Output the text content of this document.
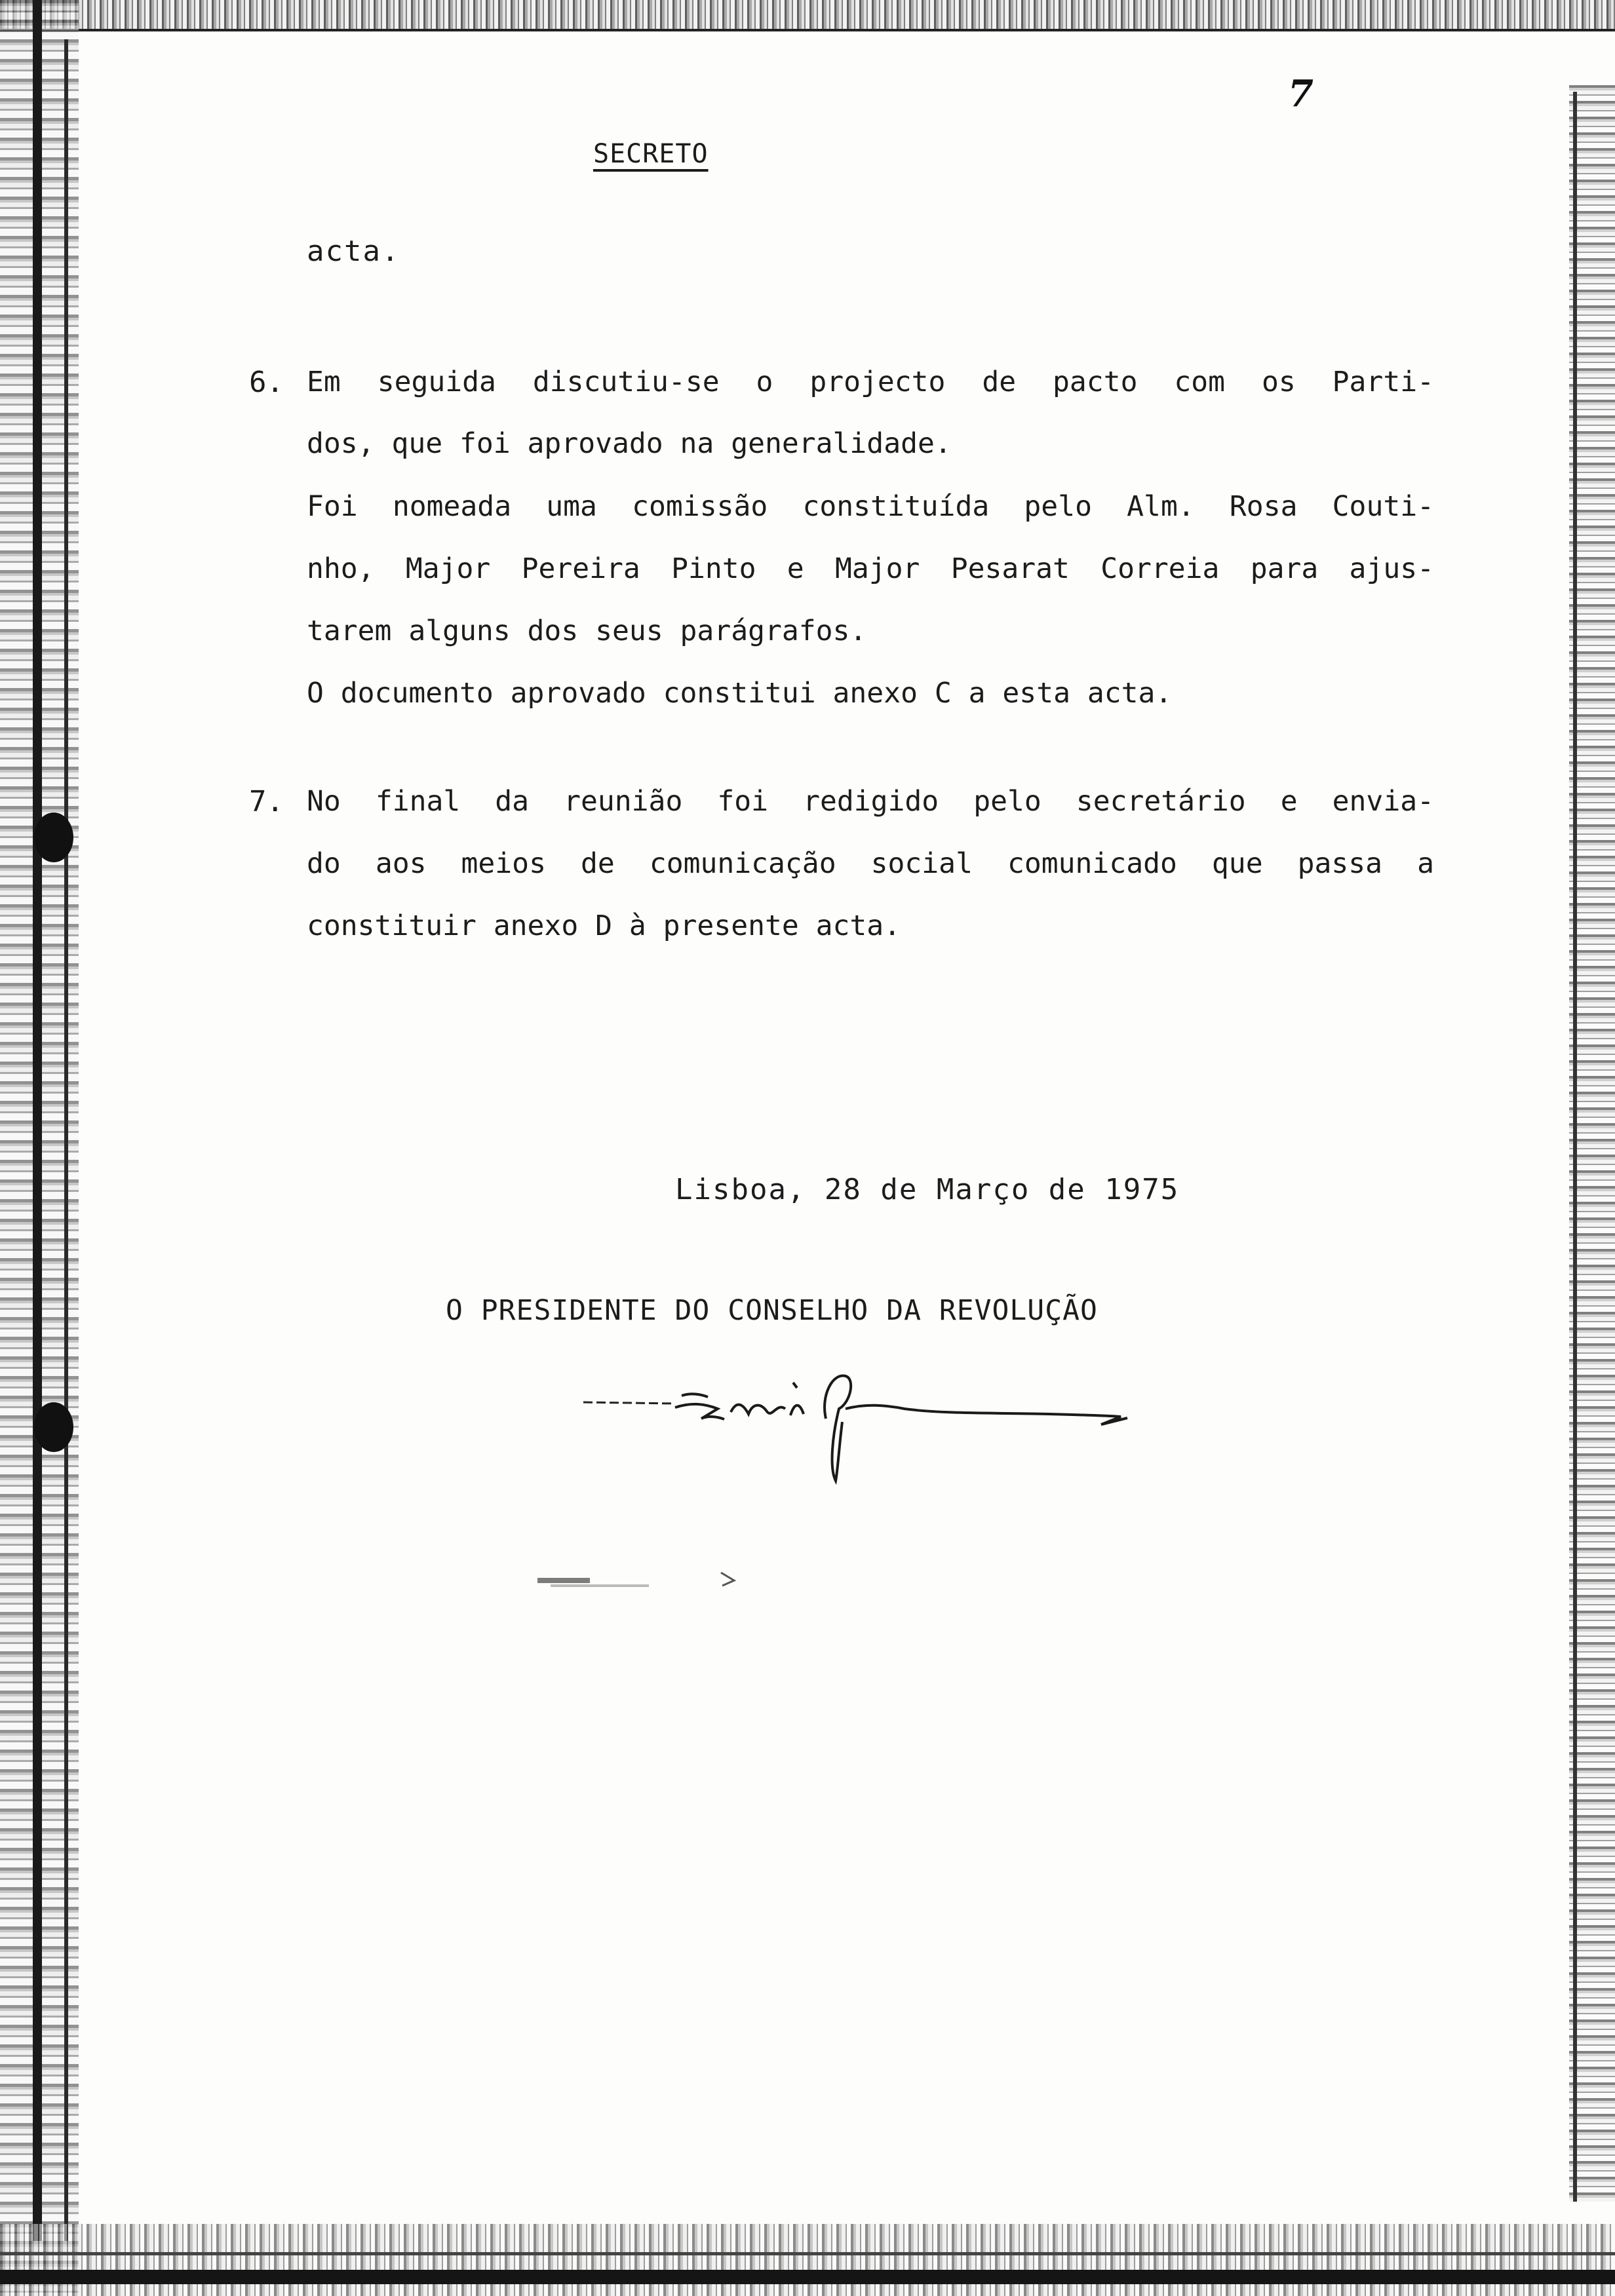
7
SECRETO
acta.
6. Em seguida discutiu-se o projecto de pacto com os Parti-
dos, que foi aprovado na generalidade.
Foi nomeada uma comissão constituída pelo Alm. Rosa Couti-
nho, Major Pereira Pinto e Major Pesarat Correia para ajus-
tarem alguns dos seus parágrafos.
O documento aprovado constitui anexo C a esta acta.
7. No final da reunião foi redigido pelo secretário e envia-
do aos meios de comunicação social comunicado que passa a
constituir anexo D à presente acta.
Lisboa, 28 de Março de 1975
O PRESIDENTE DO CONSELHO DA REVOLUÇÃO
